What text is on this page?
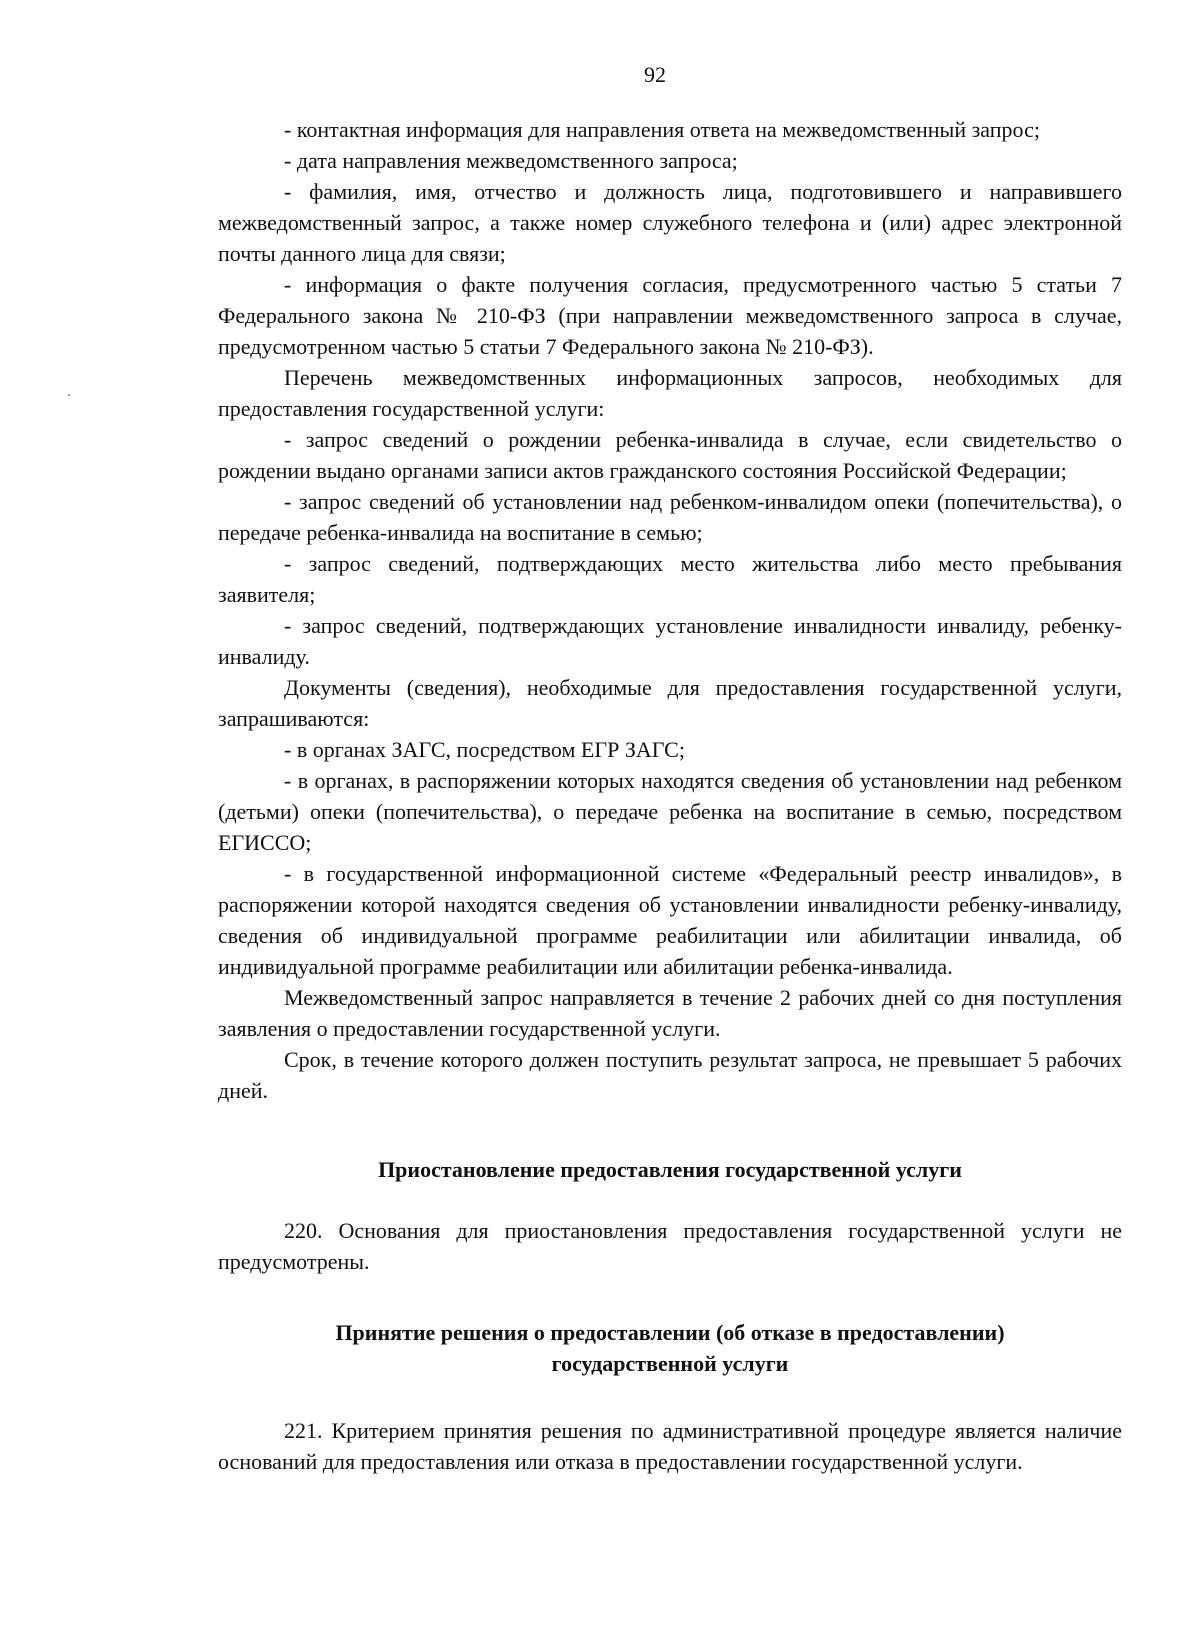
92

- контактная информация для направления ответа на межведомственный запрос;

- дата направления межведомственного запроса;

- фамилия, имя, отчество и должность лица, подготовившего и направившего межведомственный запрос, а также номер служебного телефона и (или) адрес электронной почты данного лица для связи;

- информация о факте получения согласия, предусмотренного частью 5 статьи 7 Федерального закона № 210-ФЗ (при направлении межведомственного запроса в случае, предусмотренном частью 5 статьи 7 Федерального закона № 210-ФЗ).

Перечень межведомственных информационных запросов, необходимых для предоставления государственной услуги:

- запрос сведений о рождении ребенка-инвалида в случае, если свидетельство о рождении выдано органами записи актов гражданского состояния Российской Федерации;

- запрос сведений об установлении над ребенком-инвалидом опеки (попечительства), о передаче ребенка-инвалида на воспитание в семью;

- запрос сведений, подтверждающих место жительства либо место пребывания заявителя;

- запрос сведений, подтверждающих установление инвалидности инвалиду, ребенку-инвалиду.

Документы (сведения), необходимые для предоставления государственной услуги, запрашиваются:

- в органах ЗАГС, посредством ЕГР ЗАГС;

- в органах, в распоряжении которых находятся сведения об установлении над ребенком (детьми) опеки (попечительства), о передаче ребенка на воспитание в семью, посредством ЕГИССО;

- в государственной информационной системе «Федеральный реестр инвалидов», в распоряжении которой находятся сведения об установлении инвалидности ребенку-инвалиду, сведения об индивидуальной программе реабилитации или абилитации инвалида, об индивидуальной программе реабилитации или абилитации ребенка-инвалида.

Межведомственный запрос направляется в течение 2 рабочих дней со дня поступления заявления о предоставлении государственной услуги.

Срок, в течение которого должен поступить результат запроса, не превышает 5 рабочих дней.

Приостановление предоставления государственной услуги

220. Основания для приостановления предоставления государственной услуги не предусмотрены.

Принятие решения о предоставлении (об отказе в предоставлении)
государственной услуги

221. Критерием принятия решения по административной процедуре является наличие оснований для предоставления или отказа в предоставлении государственной услуги.
